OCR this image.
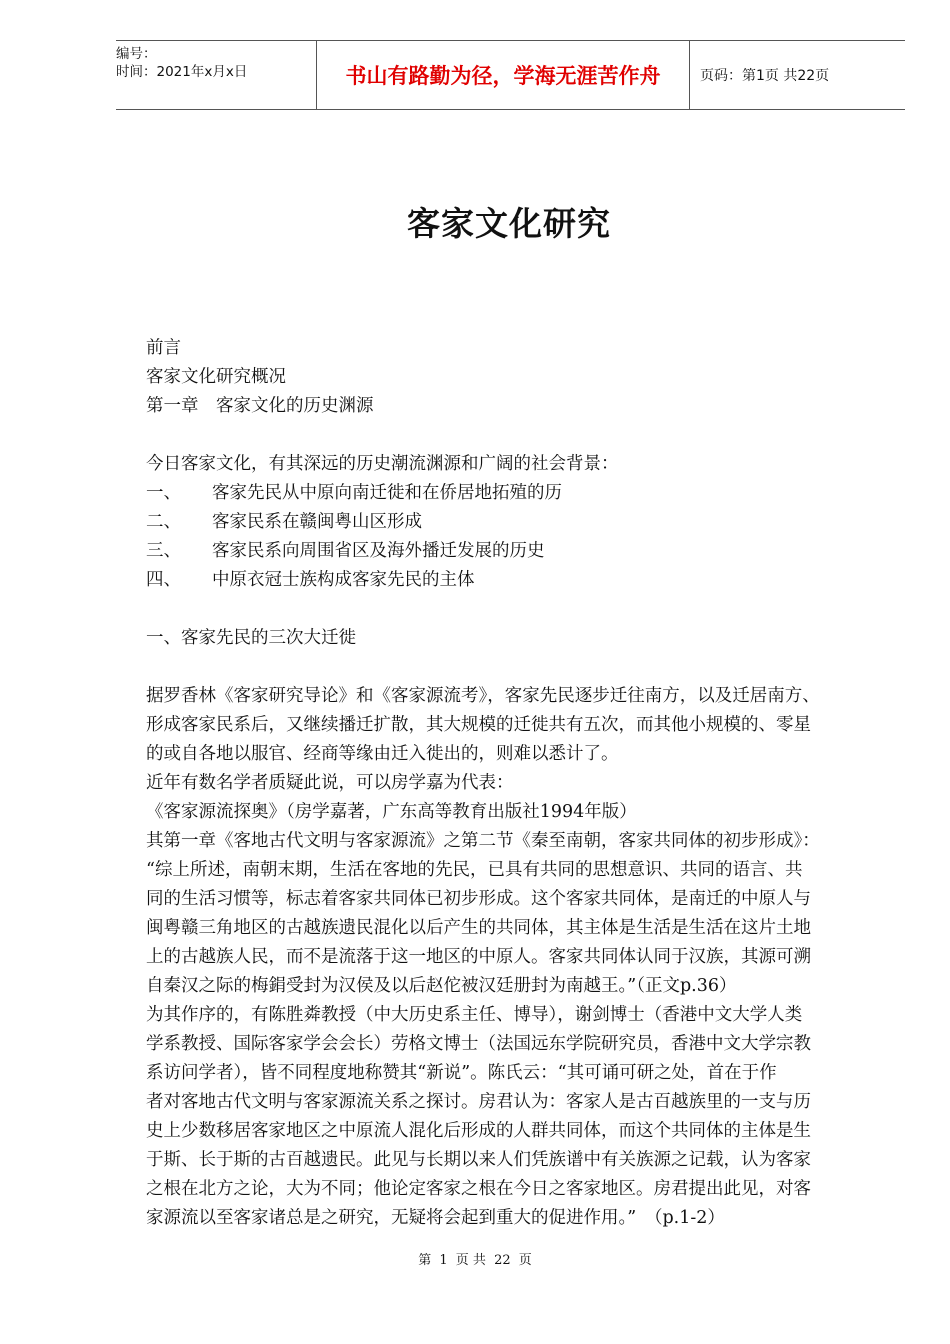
编号：
时间：2021年x月x日	书山有路勤为径，学海无涯苦作舟	页码：第1页 共22页
客家文化研究
前言
客家文化研究概况
第一章　客家文化的历史渊源
今日客家文化，有其深远的历史潮流渊源和广阔的社会背景：
一、 客家先民从中原向南迁徙和在侨居地拓殖的历
二、 客家民系在赣闽粤山区形成
三、 客家民系向周围省区及海外播迁发展的历史
四、 中原衣冠士族构成客家先民的主体
一、客家先民的三次大迁徙
据罗香林《客家研究导论》和《客家源流考》，客家先民逐步迁往南方，以及迁居南方、
形成客家民系后，又继续播迁扩散，其大规模的迁徙共有五次，而其他小规模的、零星
的或自各地以服官、经商等缘由迁入徙出的，则难以悉计了。
近年有数名学者质疑此说，可以房学嘉为代表：
《客家源流探奥》（房学嘉著，广东高等教育出版社1994年版）
其第一章《客地古代文明与客家源流》之第二节《秦至南朝，客家共同体的初步形成》：
“综上所述，南朝末期，生活在客地的先民，已具有共同的思想意识、共同的语言、共
同的生活习惯等，标志着客家共同体已初步形成。这个客家共同体，是南迁的中原人与
闽粤赣三角地区的古越族遗民混化以后产生的共同体，其主体是生活是生活在这片土地
上的古越族人民，而不是流落于这一地区的中原人。客家共同体认同于汉族，其源可溯
自秦汉之际的梅鋗受封为汉侯及以后赵佗被汉廷册封为南越王。”（正文p.36）
为其作序的，有陈胜粦教授（中大历史系主任、博导），谢剑博士（香港中文大学人类
学系教授、国际客家学会会长）劳格文博士（法国远东学院研究员，香港中文大学宗教
系访问学者），皆不同程度地称赞其“新说”。陈氏云：“其可诵可研之处，首在于作
者对客地古代文明与客家源流关系之探讨。房君认为：客家人是古百越族里的一支与历
史上少数移居客家地区之中原流人混化后形成的人群共同体，而这个共同体的主体是生
于斯、长于斯的古百越遗民。此见与长期以来人们凭族谱中有关族源之记载，认为客家
之根在北方之论，大为不同；他论定客家之根在今日之客家地区。房君提出此见，对客
家源流以至客家诸总是之研究，无疑将会起到重大的促进作用。”　（p.1-2）
第 1 页 共 22 页
